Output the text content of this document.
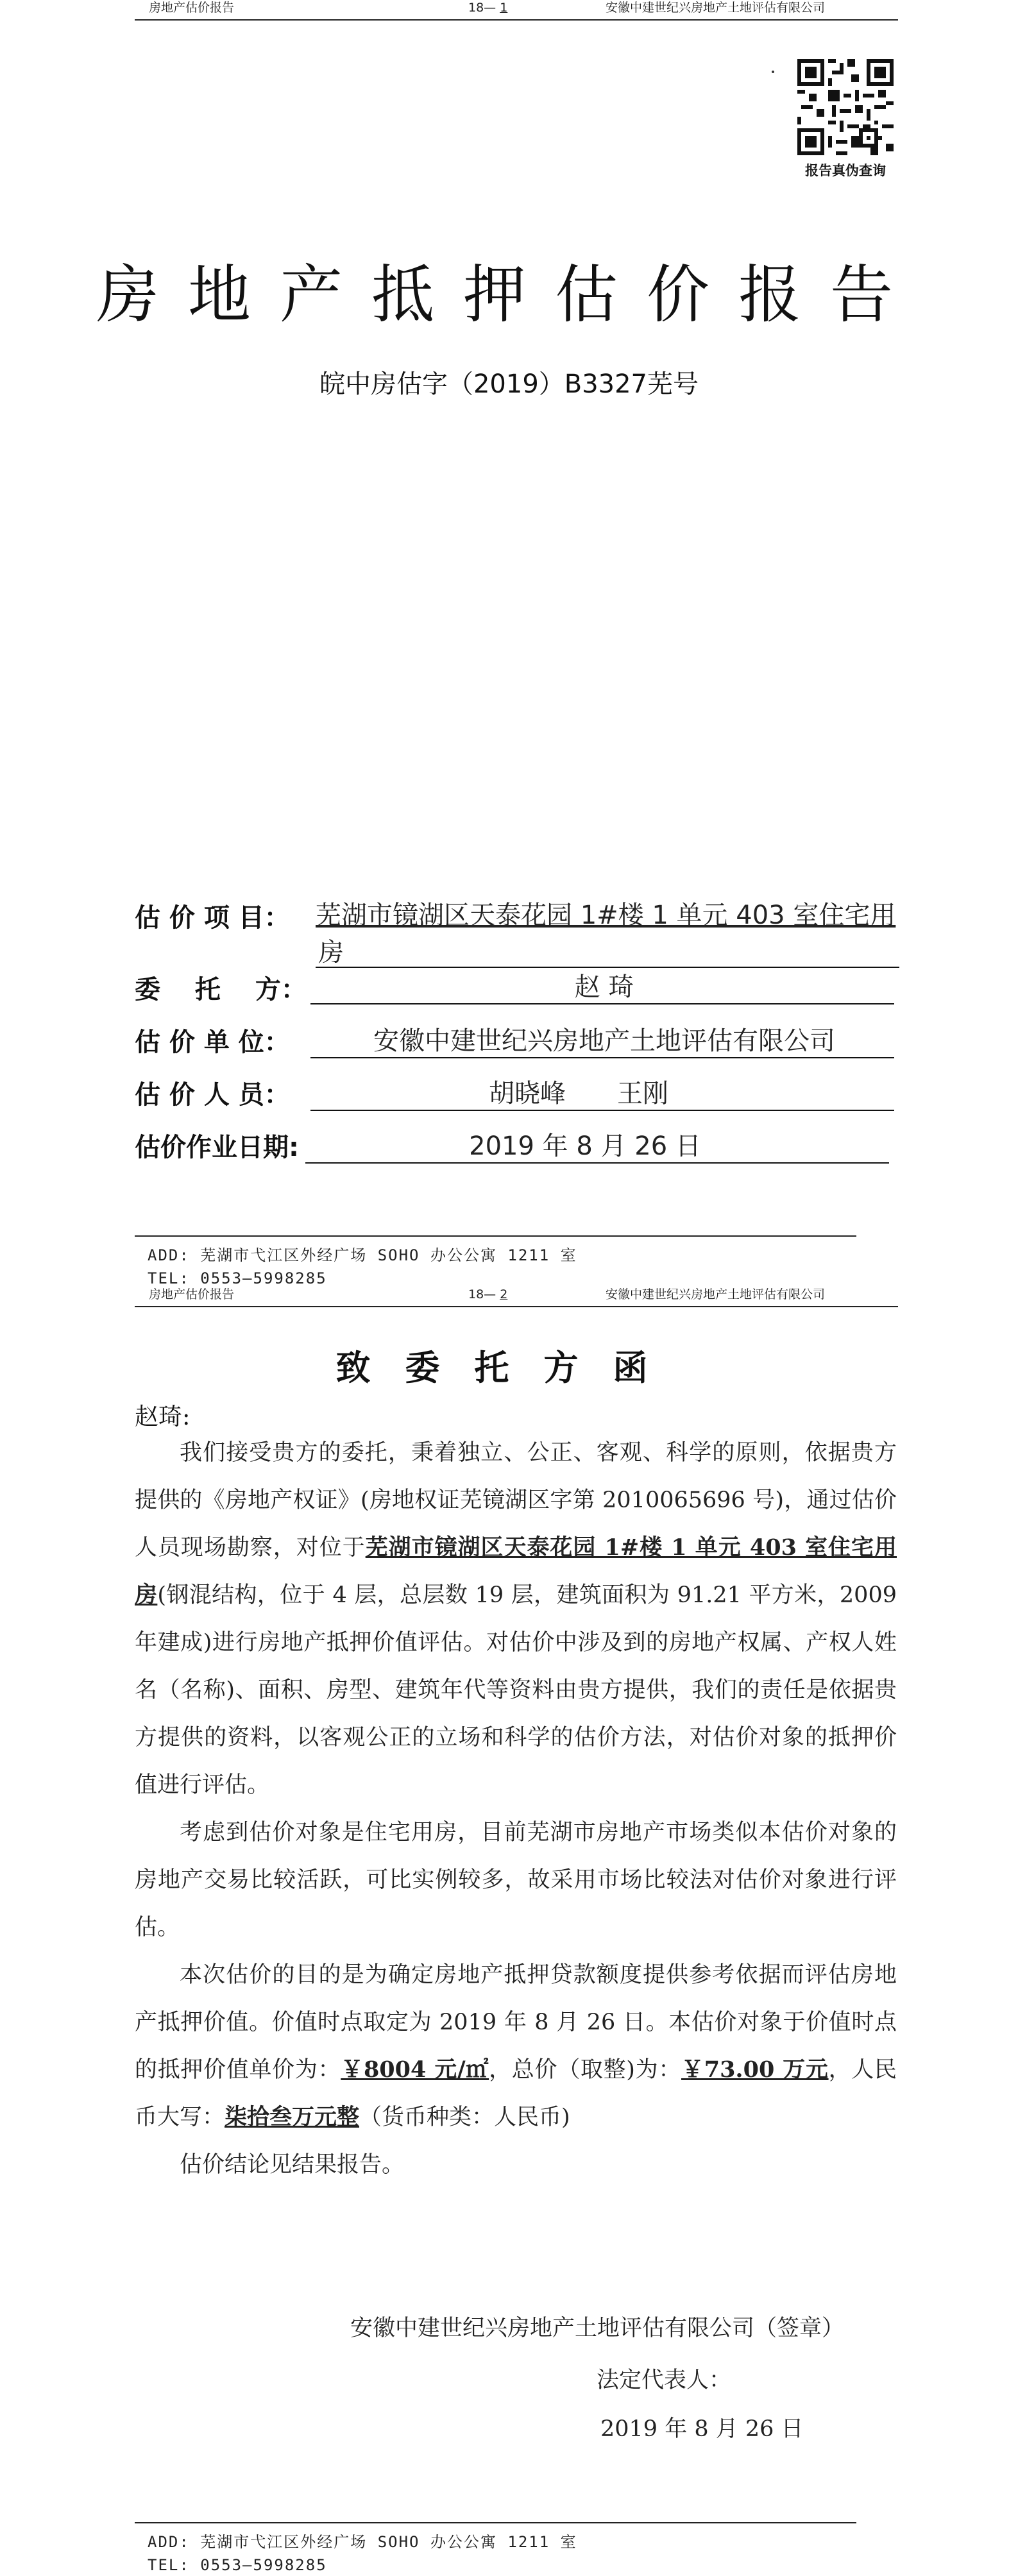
房地产估价报告	18— 1	安徽中建世纪兴房地产土地评估有限公司
报告真伪查询
房地产抵押估价报告
皖中房估字（2019）B3327芜号
估 价 项 目： 芜湖市镜湖区天泰花园 1#楼 1 单元 403 室住宅用
房
委　 托　 方：	赵 琦
估 价 单 位：	安徽中建世纪兴房地产土地评估有限公司
估 价 人 员：	胡晓峰　　王刚
估价作业日期:	2019 年 8 月 26 日
ADD: 芜湖市弋江区外经广场 SOHO 办公公寓 1211 室
TEL: 0553—5998285
房地产估价报告	18— 2	安徽中建世纪兴房地产土地评估有限公司
致委托方函
赵琦:

我们接受贵方的委托，秉着独立、公正、客观、科学的原则，依据贵方提供的《房地产权证》(房地权证芜镜湖区字第 2010065696 号)，通过估价人员现场勘察，对位于芜湖市镜湖区天泰花园 1#楼 1 单元 403 室住宅用房(钢混结构，位于 4 层，总层数 19 层，建筑面积为 91.21 平方米，2009 年建成)进行房地产抵押价值评估。对估价中涉及到的房地产权属、产权人姓名（名称)、面积、房型、建筑年代等资料由贵方提供，我们的责任是依据贵方提供的资料，以客观公正的立场和科学的估价方法，对估价对象的抵押价值进行评估。

考虑到估价对象是住宅用房，目前芜湖市房地产市场类似本估价对象的房地产交易比较活跃，可比实例较多，故采用市场比较法对估价对象进行评估。

本次估价的目的是为确定房地产抵押贷款额度提供参考依据而评估房地产抵押价值。价值时点取定为 2019 年 8 月 26 日。本估价对象于价值时点的抵押价值单价为：￥8004 元/㎡，总价（取整)为：￥73.00 万元，人民币大写：柒拾叁万元整（货币种类：人民币)

估价结论见结果报告。

安徽中建世纪兴房地产土地评估有限公司（签章）
法定代表人：
2019 年 8 月 26 日
ADD: 芜湖市弋江区外经广场 SOHO 办公公寓 1211 室
TEL: 0553—5998285
